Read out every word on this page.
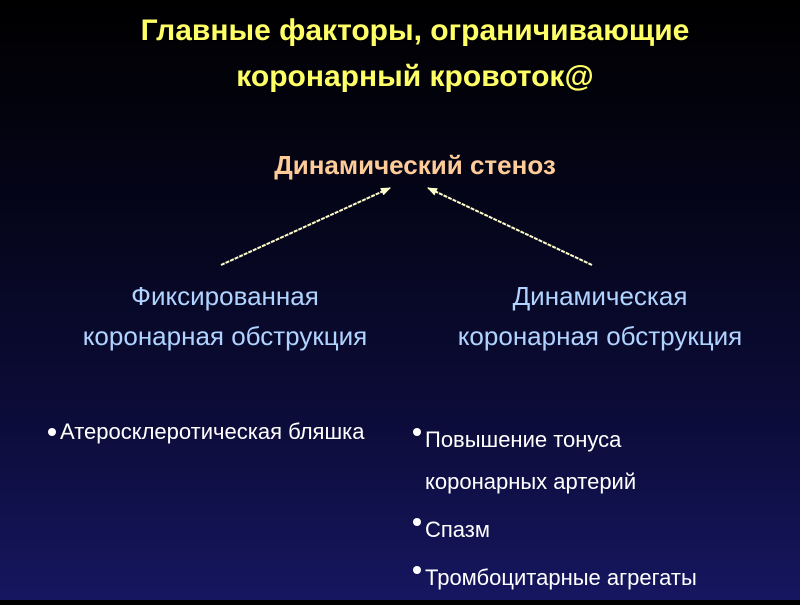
Главные факторы, ограничивающие
коронарный кровоток@
Динамический стеноз
Фиксированная
коронарная обструкция
Динамическая
коронарная обструкция
Атеросклеротическая бляшка	Повышение тонуса
коронарных артерий
Спазм
Тромбоцитарные агрегаты
